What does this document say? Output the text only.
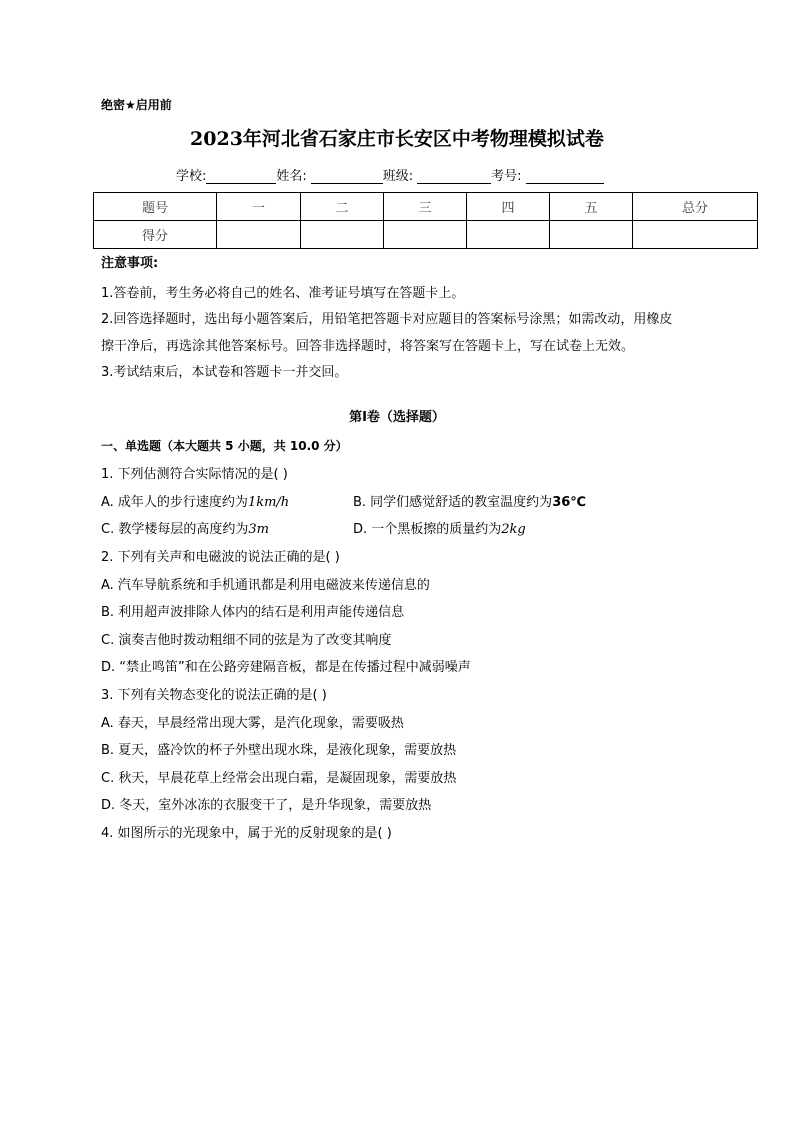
绝密★启用前
2023年河北省石家庄市长安区中考物理模拟试卷
学校:	姓名:	班级:	考号:
题号	一	二	三	四	五	总分
得分						
注意事项:
1.答卷前，考生务必将自己的姓名、准考证号填写在答题卡上。
2.回答选择题时，选出每小题答案后，用铅笔把答题卡对应题目的答案标号涂黑；如需改动，用橡皮
擦干净后，再选涂其他答案标号。回答非选择题时，将答案写在答题卡上，写在试卷上无效。
3.考试结束后，本试卷和答题卡一并交回。
第I卷（选择题）
一、单选题（本大题共 5 小题，共 10.0 分）
1. 下列估测符合实际情况的是( )
A. 成年人的步行速度约为1km/h	B. 同学们感觉舒适的教室温度约为36℃
C. 教学楼每层的高度约为3m	D. 一个黑板擦的质量约为2kg
2. 下列有关声和电磁波的说法正确的是( )
A. 汽车导航系统和手机通讯都是利用电磁波来传递信息的
B. 利用超声波排除人体内的结石是利用声能传递信息
C. 演奏吉他时拨动粗细不同的弦是为了改变其响度
D. “禁止鸣笛”和在公路旁建隔音板，都是在传播过程中减弱噪声
3. 下列有关物态变化的说法正确的是( )
A. 春天，早晨经常出现大雾，是汽化现象，需要吸热
B. 夏天，盛冷饮的杯子外壁出现水珠，是液化现象，需要放热
C. 秋天，早晨花草上经常会出现白霜，是凝固现象，需要放热
D. 冬天，室外冰冻的衣服变干了，是升华现象，需要放热
4. 如图所示的光现象中，属于光的反射现象的是( )
